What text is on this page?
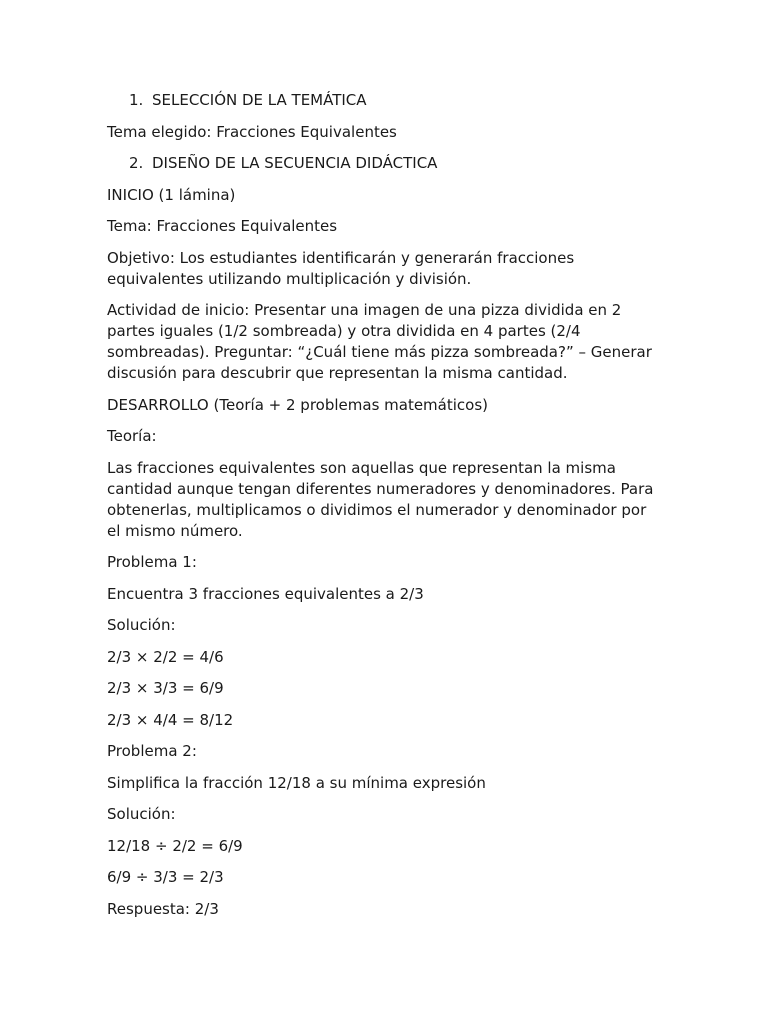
1. SELECCIÓN DE LA TEMÁTICA
Tema elegido: Fracciones Equivalentes
2. DISEÑO DE LA SECUENCIA DIDÁCTICA
INICIO (1 lámina)
Tema: Fracciones Equivalentes
Objetivo: Los estudiantes identificarán y generarán fracciones equivalentes utilizando multiplicación y división.
Actividad de inicio: Presentar una imagen de una pizza dividida en 2 partes iguales (1/2 sombreada) y otra dividida en 4 partes (2/4 sombreadas). Preguntar: “¿Cuál tiene más pizza sombreada?” – Generar discusión para descubrir que representan la misma cantidad.
DESARROLLO (Teoría + 2 problemas matemáticos)
Teoría:
Las fracciones equivalentes son aquellas que representan la misma cantidad aunque tengan diferentes numeradores y denominadores. Para obtenerlas, multiplicamos o dividimos el numerador y denominador por el mismo número.
Problema 1:
Encuentra 3 fracciones equivalentes a 2/3
Solución:
2/3 × 2/2 = 4/6
2/3 × 3/3 = 6/9
2/3 × 4/4 = 8/12
Problema 2:
Simplifica la fracción 12/18 a su mínima expresión
Solución:
12/18 ÷ 2/2 = 6/9
6/9 ÷ 3/3 = 2/3
Respuesta: 2/3
